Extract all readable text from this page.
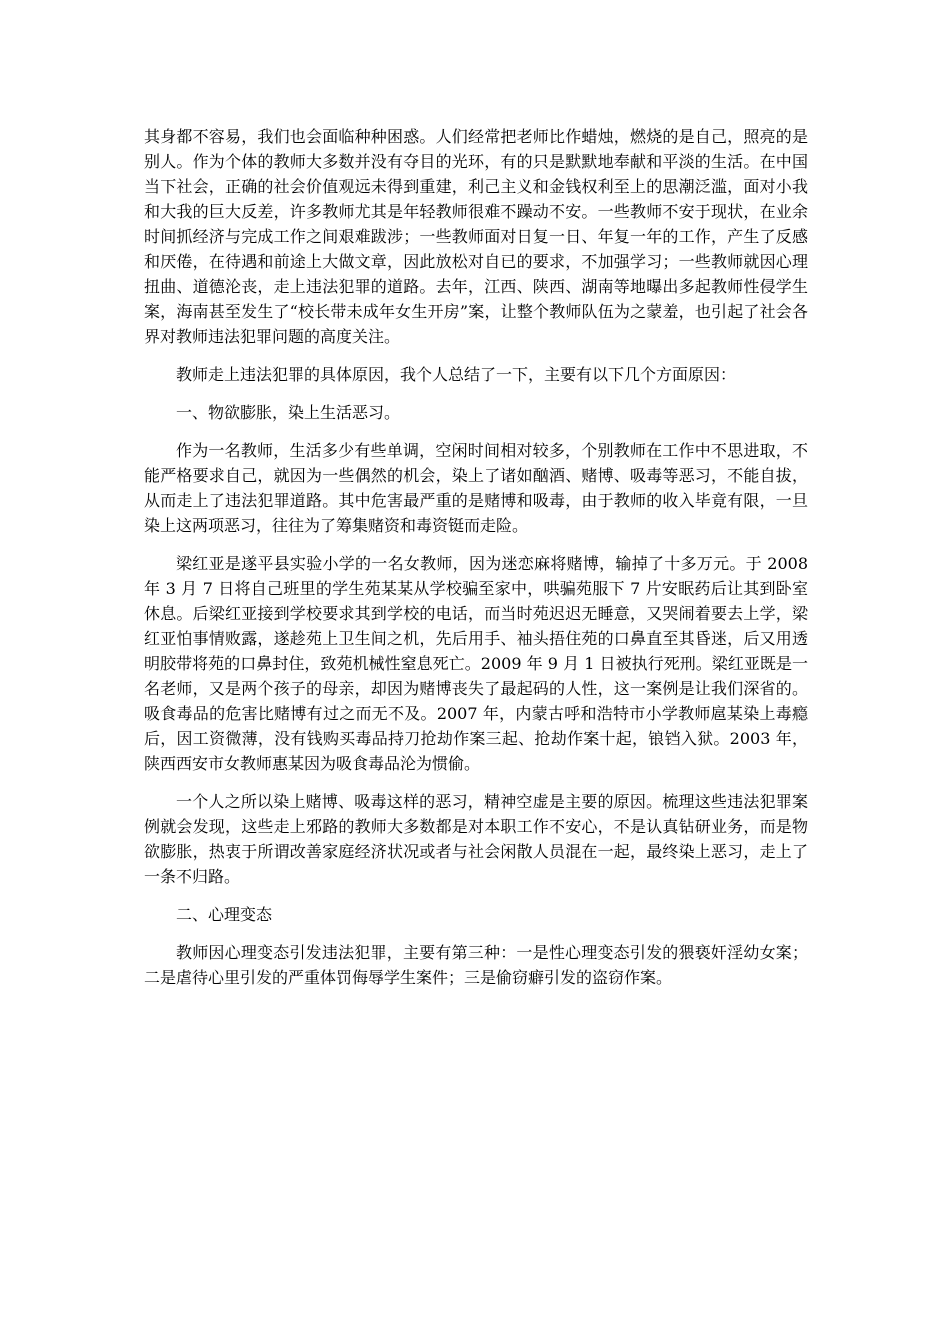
其身都不容易，我们也会面临种种困惑。人们经常把老师比作蜡烛，燃烧的是自己，照亮的是别人。作为个体的教师大多数并没有夺目的光环，有的只是默默地奉献和平淡的生活。在中国当下社会，正确的社会价值观远未得到重建，利己主义和金钱权利至上的思潮泛滥，面对小我和大我的巨大反差，许多教师尤其是年轻教师很难不躁动不安。一些教师不安于现状，在业余时间抓经济与完成工作之间艰难跋涉；一些教师面对日复一日、年复一年的工作，产生了反感和厌倦，在待遇和前途上大做文章，因此放松对自已的要求，不加强学习；一些教师就因心理扭曲、道德沦丧，走上违法犯罪的道路。去年，江西、陕西、湖南等地曝出多起教师性侵学生案，海南甚至发生了“校长带未成年女生开房”案，让整个教师队伍为之蒙羞，也引起了社会各界对教师违法犯罪问题的高度关注。

教师走上违法犯罪的具体原因，我个人总结了一下，主要有以下几个方面原因：

一、物欲膨胀，染上生活恶习。

作为一名教师，生活多少有些单调，空闲时间相对较多，个别教师在工作中不思进取，不能严格要求自己，就因为一些偶然的机会，染上了诸如酗酒、赌博、吸毒等恶习，不能自拔，从而走上了违法犯罪道路。其中危害最严重的是赌博和吸毒，由于教师的收入毕竟有限，一旦染上这两项恶习，往往为了筹集赌资和毒资铤而走险。

梁红亚是遂平县实验小学的一名女教师，因为迷恋麻将赌博，输掉了十多万元。于 2008 年 3 月 7 日将自己班里的学生苑某某从学校骗至家中，哄骗苑服下 7 片安眠药后让其到卧室休息。后梁红亚接到学校要求其到学校的电话，而当时苑迟迟无睡意，又哭闹着要去上学，梁红亚怕事情败露，遂趁苑上卫生间之机，先后用手、袖头捂住苑的口鼻直至其昏迷，后又用透明胶带将苑的口鼻封住，致苑机械性窒息死亡。2009 年 9 月 1 日被执行死刑。梁红亚既是一名老师，又是两个孩子的母亲，却因为赌博丧失了最起码的人性，这一案例是让我们深省的。吸食毒品的危害比赌博有过之而无不及。2007 年，内蒙古呼和浩特市小学教师扈某染上毒瘾后，因工资微薄，没有钱购买毒品持刀抢劫作案三起、抢劫作案十起，锒铛入狱。2003 年，陕西西安市女教师惠某因为吸食毒品沦为惯偷。

一个人之所以染上赌博、吸毒这样的恶习，精神空虚是主要的原因。梳理这些违法犯罪案例就会发现，这些走上邪路的教师大多数都是对本职工作不安心，不是认真钻研业务，而是物欲膨胀，热衷于所谓改善家庭经济状况或者与社会闲散人员混在一起，最终染上恶习，走上了一条不归路。

二、心理变态

教师因心理变态引发违法犯罪，主要有第三种：一是性心理变态引发的猥亵奸淫幼女案；二是虐待心里引发的严重体罚侮辱学生案件；三是偷窃癖引发的盗窃作案。
